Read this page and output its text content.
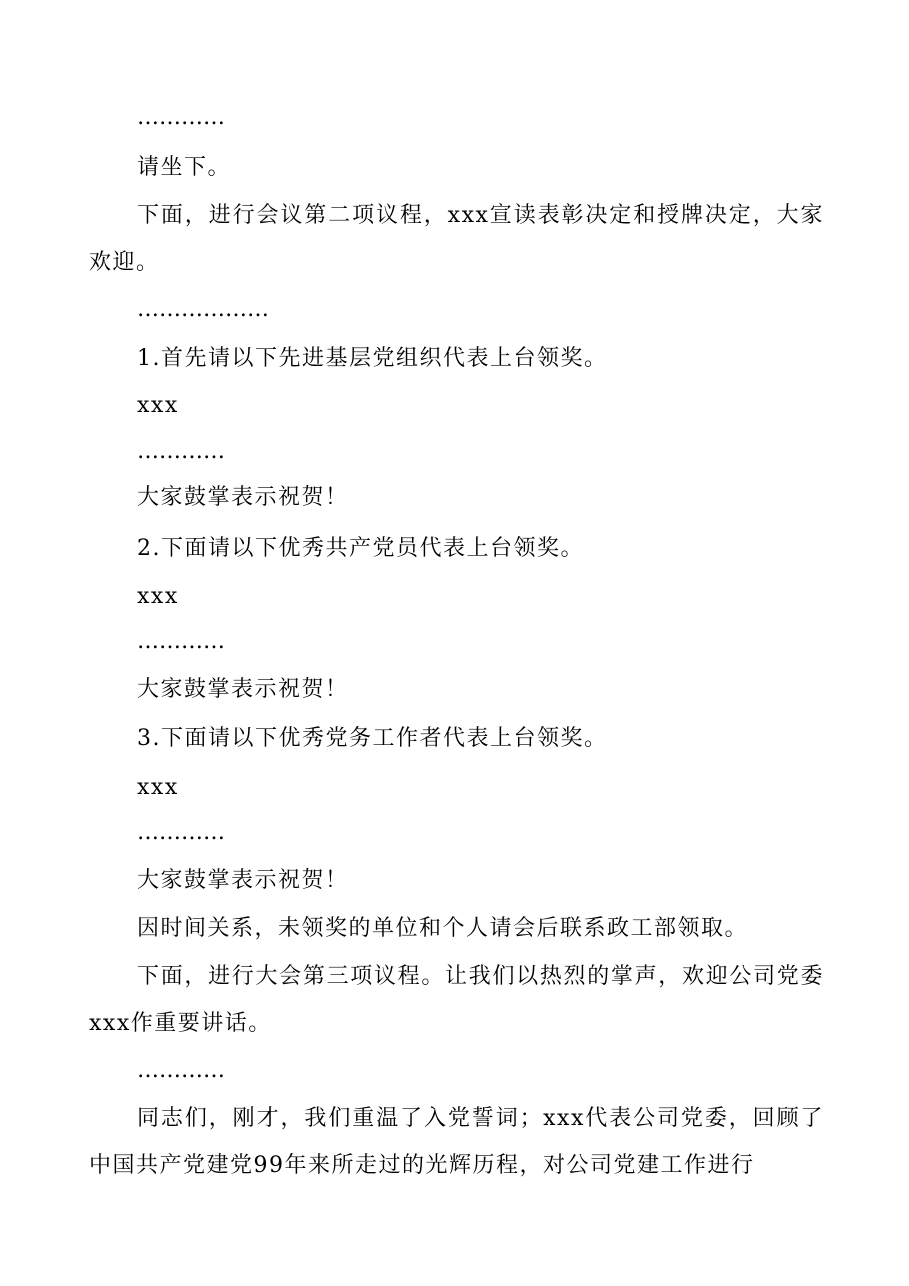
…………

请坐下。

下面，进行会议第二项议程，xxx宣读表彰决定和授牌决定，大家欢迎。

………………

1.首先请以下先进基层党组织代表上台领奖。

xxx

…………

大家鼓掌表示祝贺！

2.下面请以下优秀共产党员代表上台领奖。

xxx

…………

大家鼓掌表示祝贺！

3.下面请以下优秀党务工作者代表上台领奖。

xxx

…………

大家鼓掌表示祝贺！

因时间关系，未领奖的单位和个人请会后联系政工部领取。

下面，进行大会第三项议程。让我们以热烈的掌声，欢迎公司党委xxx作重要讲话。

…………

同志们，刚才，我们重温了入党誓词；xxx代表公司党委，回顾了中国共产党建党99年来所走过的光辉历程，对公司党建工作进行
